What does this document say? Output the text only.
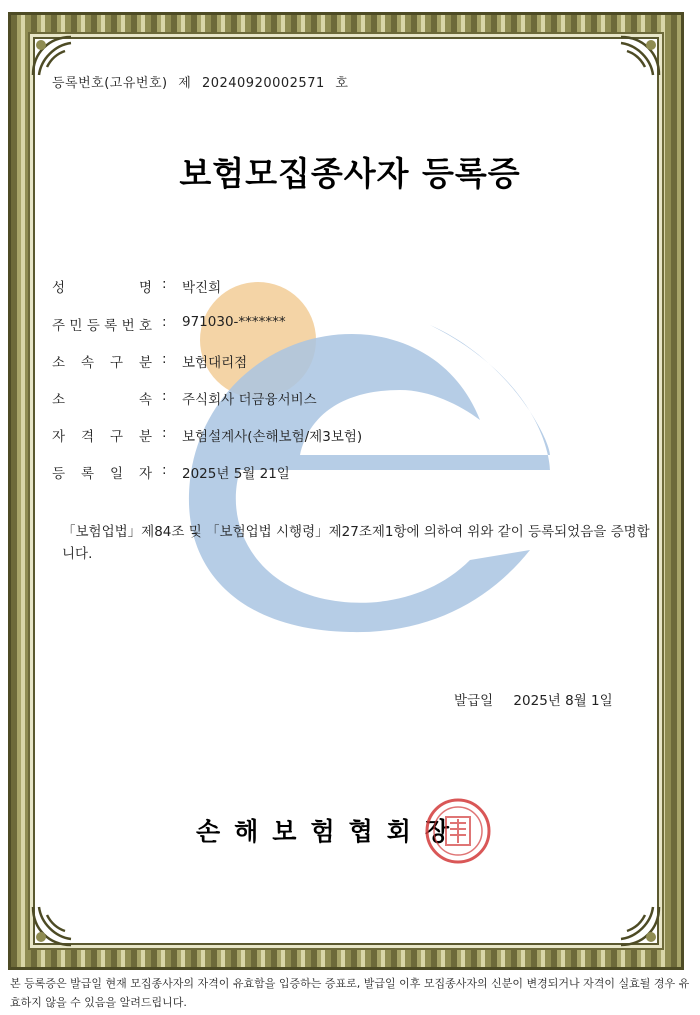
등록번호(고유번호) 제 20240920002571 호
보험모집종사자 등록증
성	명 : 박진희
주 민 등 록 번 호 : 971030-*******
소 속 구 분 : 보험대리점
소	속 : 주식회사 더금융서비스
자 격 구 분 : 보험설계사(손해보험/제3보험)
등 록 일 자 : 2025년 5월 21일
「보험업법」제84조 및 「보험업법 시행령」제27조제1항에 의하여 위와 같이 등록되었음을 증명합니다.
발급일 2025년 8월 1일
손해보험협회장
본 등록증은 발급일 현재 모집종사자의 자격이 유효함을 입증하는 증표로, 발급일 이후 모집종사자의 신분이 변경되거나 자격이 실효될 경우 유효하지 않을 수 있음을 알려드립니다.
